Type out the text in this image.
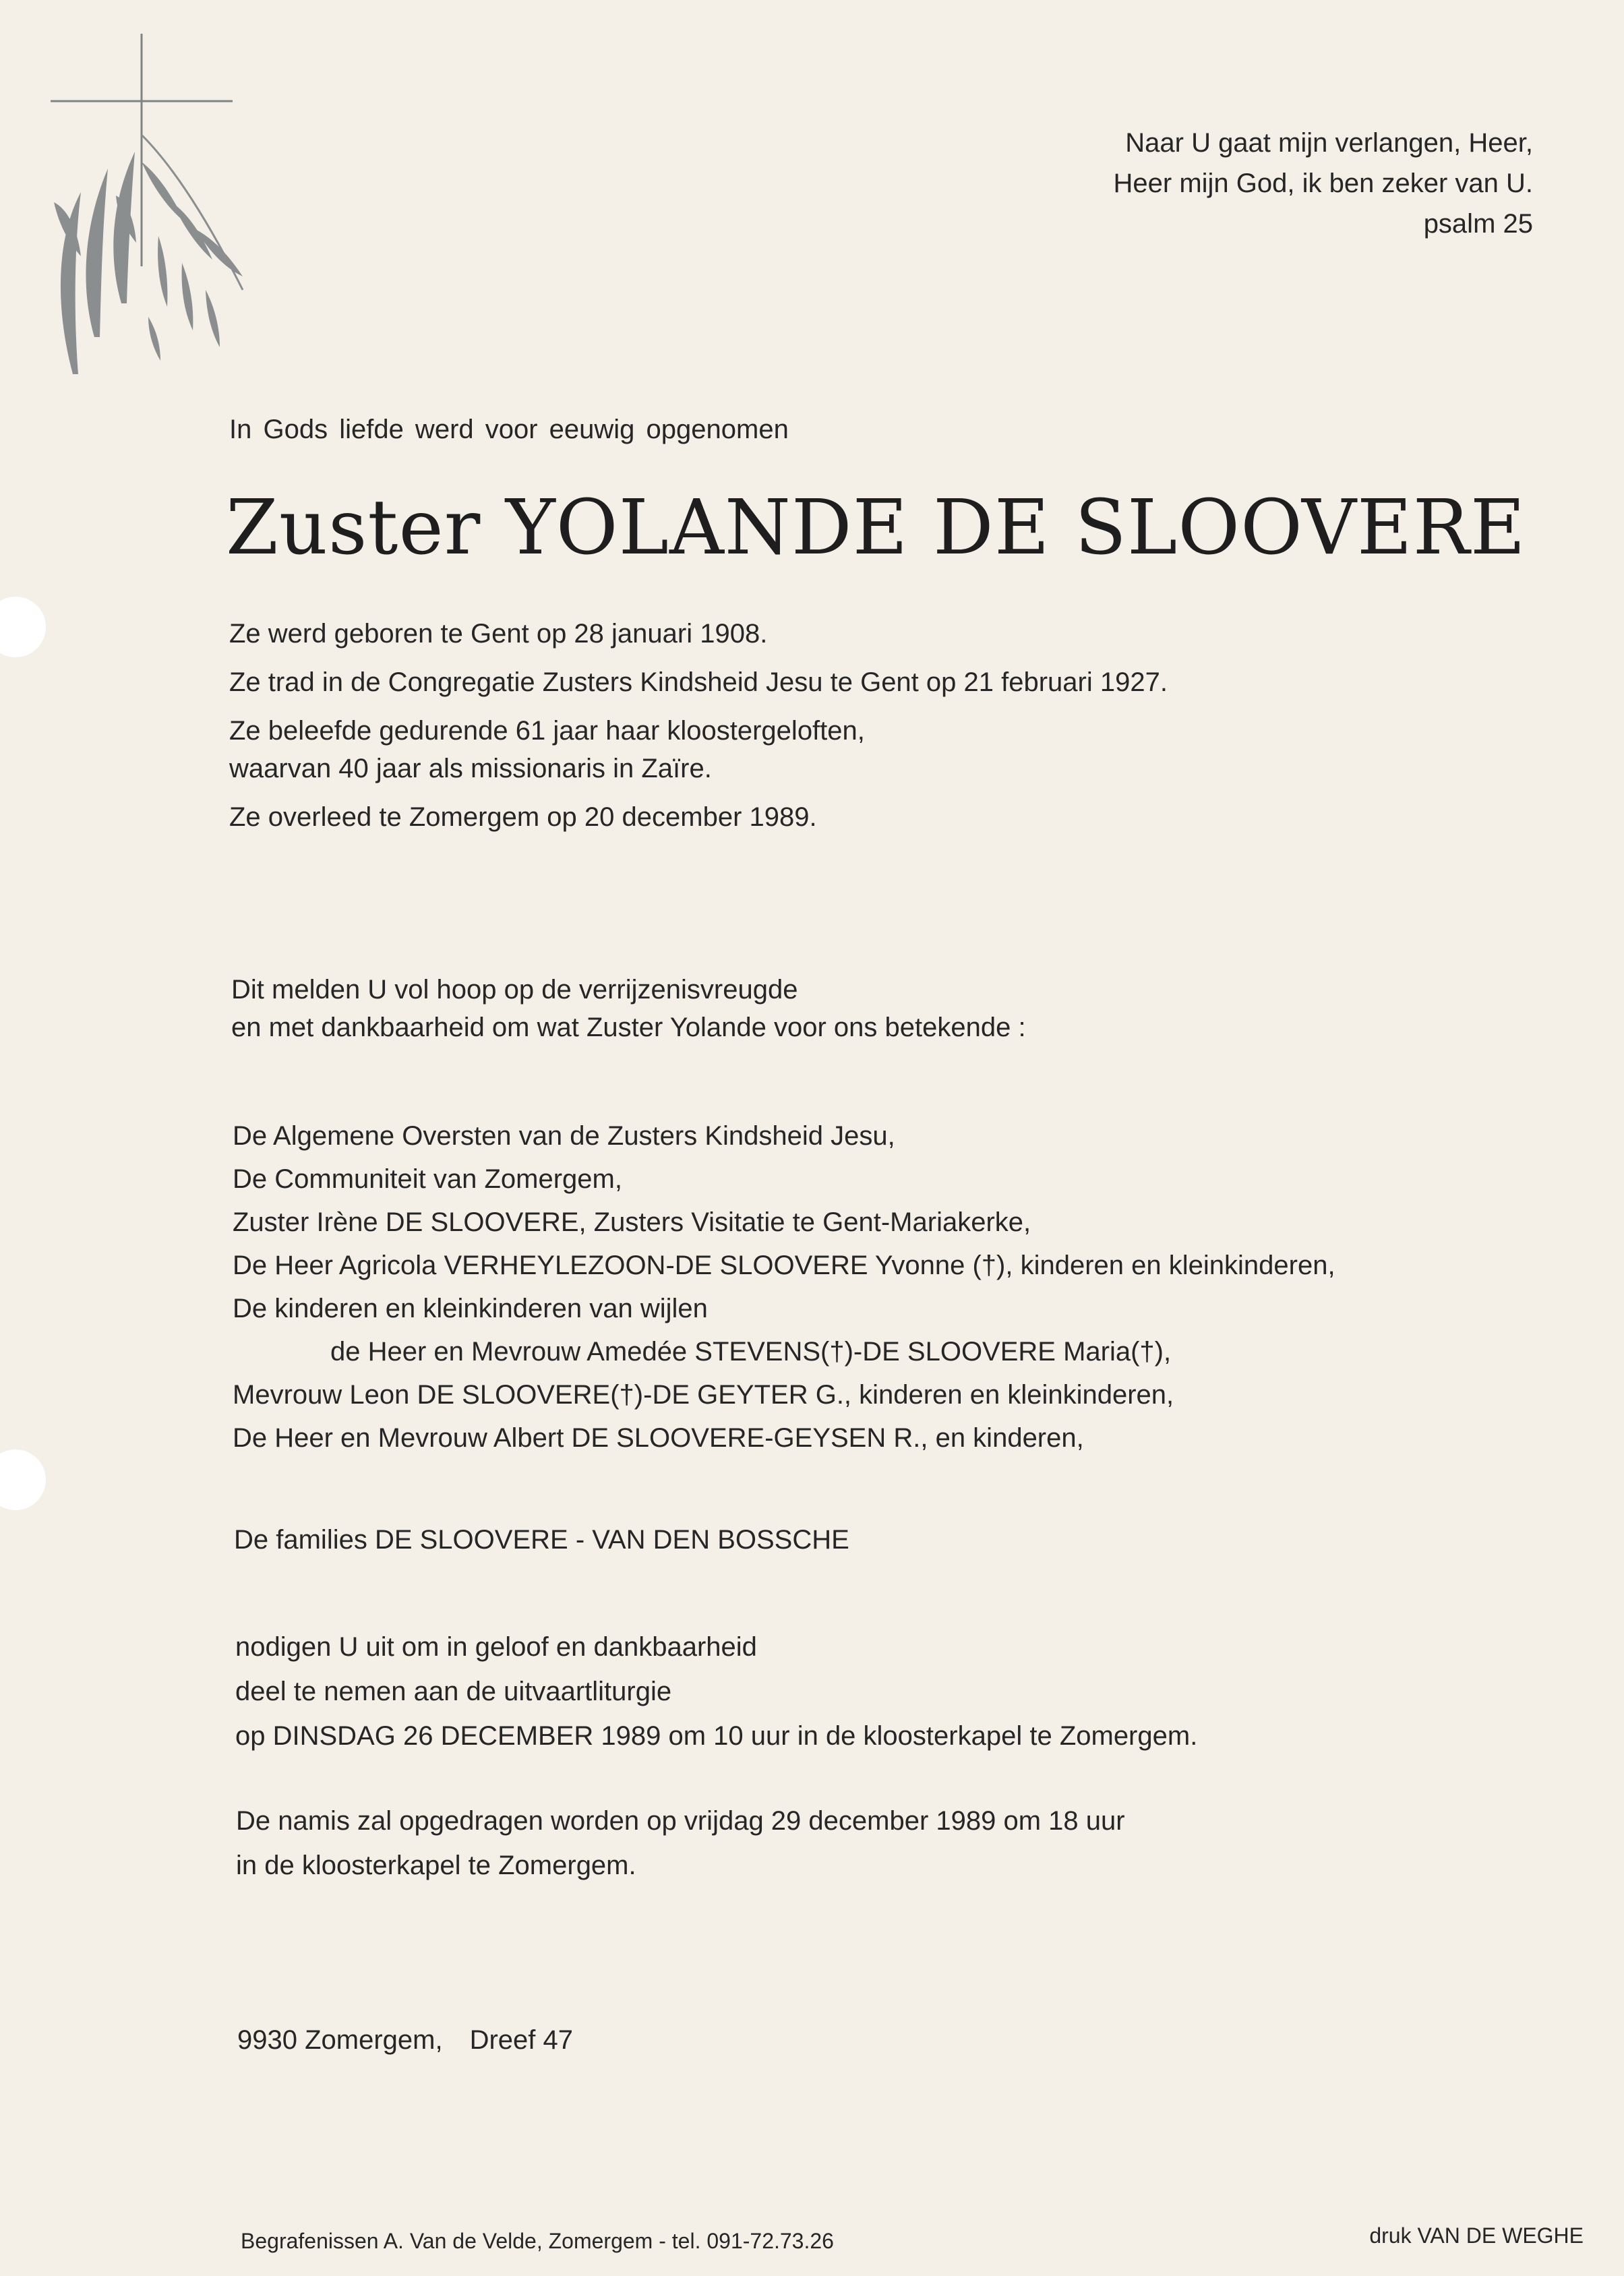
Naar U gaat mijn verlangen, Heer,
Heer mijn God, ik ben zeker van U.
psalm 25
In Gods liefde werd voor eeuwig opgenomen
Zuster YOLANDE DE SLOOVERE
Ze werd geboren te Gent op 28 januari 1908.
Ze trad in de Congregatie Zusters Kindsheid Jesu te Gent op 21 februari 1927.
Ze beleefde gedurende 61 jaar haar kloostergeloften,
waarvan 40 jaar als missionaris in Zaïre.
Ze overleed te Zomergem op 20 december 1989.
Dit melden U vol hoop op de verrijzenisvreugde
en met dankbaarheid om wat Zuster Yolande voor ons betekende :
De Algemene Oversten van de Zusters Kindsheid Jesu,
De Communiteit van Zomergem,
Zuster Irène DE SLOOVERE, Zusters Visitatie te Gent-Mariakerke,
De Heer Agricola VERHEYLEZOON-DE SLOOVERE Yvonne (†), kinderen en kleinkinderen,
De kinderen en kleinkinderen van wijlen
de Heer en Mevrouw Amedée STEVENS(†)-DE SLOOVERE Maria(†),
Mevrouw Leon DE SLOOVERE(†)-DE GEYTER G., kinderen en kleinkinderen,
De Heer en Mevrouw Albert DE SLOOVERE-GEYSEN R., en kinderen,
De families DE SLOOVERE - VAN DEN BOSSCHE
nodigen U uit om in geloof en dankbaarheid
deel te nemen aan de uitvaartliturgie
op DINSDAG 26 DECEMBER 1989 om 10 uur in de kloosterkapel te Zomergem.
De namis zal opgedragen worden op vrijdag 29 december 1989 om 18 uur
in de kloosterkapel te Zomergem.
9930 Zomergem, Dreef 47
Begrafenissen A. Van de Velde, Zomergem - tel. 091-72.73.26	druk VAN DE WEGHE
